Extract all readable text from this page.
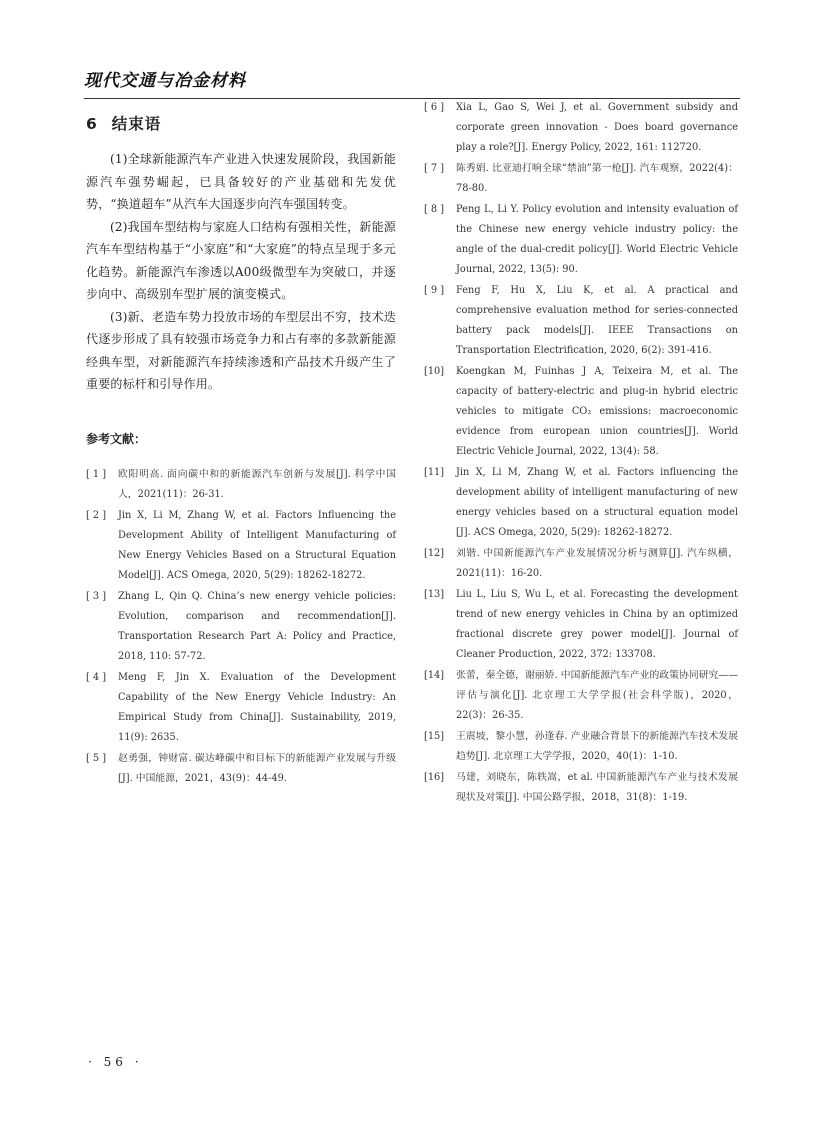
现代交通与冶金材料
6 结束语

(1)全球新能源汽车产业进入快速发展阶段，我国新能源汽车强势崛起，已具备较好的产业基础和先发优势，“换道超车”从汽车大国逐步向汽车强国转变。

(2)我国车型结构与家庭人口结构有强相关性，新能源汽车车型结构基于“小家庭”和“大家庭”的特点呈现于多元化趋势。新能源汽车渗透以A00级微型车为突破口，并逐步向中、高级别车型扩展的演变模式。

(3)新、老造车势力投放市场的车型层出不穷，技术迭代逐步形成了具有较强市场竞争力和占有率的多款新能源经典车型，对新能源汽车持续渗透和产品技术升级产生了重要的标杆和引导作用。

参考文献：
[ 1 ] 欧阳明高. 面向碳中和的新能源汽车创新与发展[J]. 科学中国人，2021(11)：26-31.
[ 2 ] Jin X, Li M, Zhang W, et al. Factors Influencing the Development Ability of Intelligent Manufacturing of New Energy Vehicles Based on a Structural Equation Model[J]. ACS Omega, 2020, 5(29): 18262-18272.
[ 3 ] Zhang L, Qin Q. China’s new energy vehicle policies: Evolution, comparison and recommendation[J]. Transportation Research Part A: Policy and Practice, 2018, 110: 57-72.
[ 4 ] Meng F, Jin X. Evaluation of the Development Capability of the New Energy Vehicle Industry: An Empirical Study from China[J]. Sustainability, 2019, 11(9): 2635.
[ 5 ] 赵勇强，钟财富. 碳达峰碳中和目标下的新能源产业发展与升级[J]. 中国能源，2021，43(9)：44-49.
[ 6 ] Xia L, Gao S, Wei J, et al. Government subsidy and corporate green innovation - Does board governance play a role?[J]. Energy Policy, 2022, 161: 112720.
[ 7 ] 陈秀娟. 比亚迪打响全球“禁油”第一枪[J]. 汽车观察，2022(4)：78-80.
[ 8 ] Peng L, Li Y. Policy evolution and intensity evaluation of the Chinese new energy vehicle industry policy: the angle of the dual-credit policy[J]. World Electric Vehicle Journal, 2022, 13(5): 90.
[ 9 ] Feng F, Hu X, Liu K, et al. A practical and comprehensive evaluation method for series-connected battery pack models[J]. IEEE Transactions on Transportation Electrification, 2020, 6(2): 391-416.
[10] Koengkan M, Fuinhas J A, Teixeira M, et al. The capacity of battery-electric and plug-in hybrid electric vehicles to mitigate CO₂ emissions: macroeconomic evidence from european union countries[J]. World Electric Vehicle Journal, 2022, 13(4): 58.
[11] Jin X, Li M, Zhang W, et al. Factors influencing the development ability of intelligent manufacturing of new energy vehicles based on a structural equation model [J]. ACS Omega, 2020, 5(29): 18262-18272.
[12] 刘锴. 中国新能源汽车产业发展情况分析与测算[J]. 汽车纵横，2021(11)：16-20.
[13] Liu L, Liu S, Wu L, et al. Forecasting the development trend of new energy vehicles in China by an optimized fractional discrete grey power model[J]. Journal of Cleaner Production, 2022, 372: 133708.
[14] 张蕾，秦全德，谢丽娇. 中国新能源汽车产业的政策协同研究——评估与演化[J]. 北京理工大学学报(社会科学版)，2020，22(3)：26-35.
[15] 王震坡，黎小慧，孙逢春. 产业融合背景下的新能源汽车技术发展趋势[J]. 北京理工大学学报，2020，40(1)：1-10.
[16] 马建，刘晓东，陈轶嵩，et al. 中国新能源汽车产业与技术发展现状及对策[J]. 中国公路学报，2018，31(8)：1-19.
· 56 ·
